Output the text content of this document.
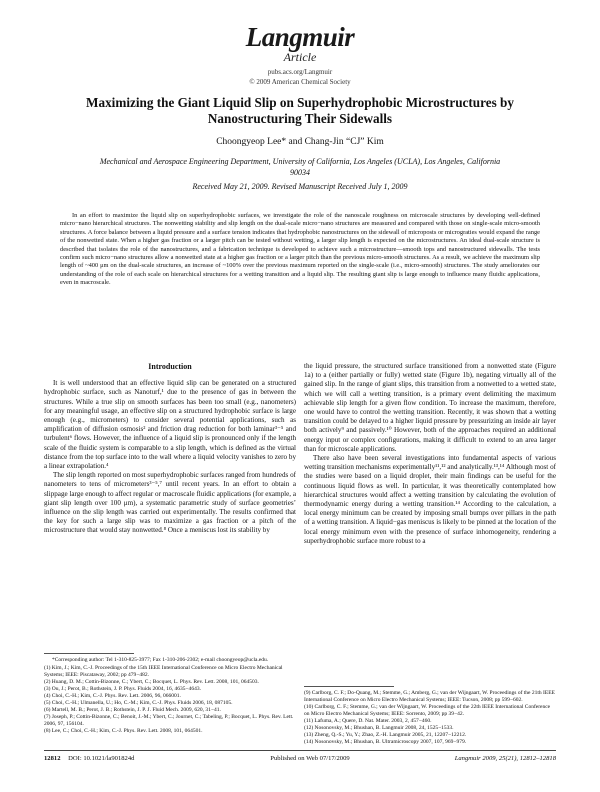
Langmuir
Article
pubs.acs.org/Langmuir
© 2009 American Chemical Society
Maximizing the Giant Liquid Slip on Superhydrophobic Microstructures by Nanostructuring Their Sidewalls
Choongyeop Lee* and Chang-Jin “CJ” Kim
Mechanical and Aerospace Engineering Department, University of California, Los Angeles (UCLA), Los Angeles, California 90034
Received May 21, 2009. Revised Manuscript Received July 1, 2009

In an effort to maximize the liquid slip on superhydrophobic surfaces, we investigate the role of the nanoscale roughness on microscale structures by developing well-defined micro−nano hierarchical structures. The nonwetting stability and slip length on the dual-scale micro−nano structures are measured and compared with those on single-scale micro-smooth structures. A force balance between a liquid pressure and a surface tension indicates that hydrophobic nanostructures on the sidewall of microposts or micrograties would expand the range of the nonwetted state. When a higher gas fraction or a larger pitch can be tested without wetting, a larger slip length is expected on the microstructures. An ideal dual-scale structure is described that isolates the role of the nanostructures, and a fabrication technique is developed to achieve such a microstructure—smooth tops and nanostructured sidewalls. The tests confirm such micro−nano structures allow a nonwetted state at a higher gas fraction or a larger pitch than the previous micro-smooth structures. As a result, we achieve the maximum slip length of ~400 μm on the dual-scale structures, an increase of ~100% over the previous maximum reported on the single-scale (i.e., micro-smooth) structures. The study ameliorates our understanding of the role of each scale on hierarchical structures for a wetting transition and a liquid slip. The resulting giant slip is large enough to influence many fluidic applications, even in macroscale.

Introduction

It is well understood that an effective liquid slip can be generated on a structured hydrophobic surface, such as Nanoturf,¹ due to the presence of gas in between the structures. While a true slip on smooth surfaces has been too small (e.g., nanometers) for any meaningful usage, an effective slip on a structured hydrophobic surface is large enough (e.g., micrometers) to consider several potential applications, such as amplification of diffusion osmosis² and friction drag reduction for both laminar³⁻⁵ and turbulent⁶ flows. However, the influence of a liquid slip is pronounced only if the length scale of the fluidic system is comparable to a slip length, which is defined as the virtual distance from the top surface into to the wall where a liquid velocity vanishes to zero by a linear extrapolation.⁴

The slip length reported on most superhydrophobic surfaces ranged from hundreds of nanometers to tens of micrometers³⁻⁵,⁷ until recent years. In an effort to obtain a slippage large enough to affect regular or macroscale fluidic applications (for example, a giant slip length over 100 μm), a systematic parametric study of surface geometries’ influence on the slip length was carried out experimentally. The results confirmed that the key for such a large slip was to maximize a gas fraction or a pitch of the microstructure that would stay nonwetted.⁸ Once a meniscus lost its stability by

the liquid pressure, the structured surface transitioned from a nonwetted state (Figure 1a) to a (either partially or fully) wetted state (Figure 1b), negating virtually all of the gained slip. In the range of giant slips, this transition from a nonwetted to a wetted state, which we will call a wetting transition, is a primary event delimiting the maximum achievable slip length for a given flow condition. To increase the maximum, therefore, one would have to control the wetting transition. Recently, it was shown that a wetting transition could be delayed to a higher liquid pressure by pressurizing an inside air layer both actively⁹ and passively.¹⁰ However, both of the approaches required an additional energy input or complex configurations, making it difficult to extend to an area larger than for microscale applications.

There also have been several investigations into fundamental aspects of various wetting transition mechanisms experimentally¹¹,¹² and analytically.¹³,¹⁴ Although most of the studies were based on a liquid droplet, their main findings can be useful for the continuous liquid flows as well. In particular, it was theoretically contemplated how hierarchical structures would affect a wetting transition by calculating the evolution of thermodynamic energy during a wetting transition.¹⁴ According to the calculation, a local energy minimum can be created by imposing small bumps over pillars in the path of a wetting transition. A liquid−gas meniscus is likely to be pinned at the location of the local energy minimum even with the presence of surface inhomogeneity, rendering a superhydrophobic surface more robust to a

*Corresponding author: Tel 1-310-825-3977; Fax 1-310-206-2302; e-mail choongyeop@ucla.edu.
(1) Kim, J.; Kim, C.-J. Proceedings of the 15th IEEE International Conference on Micro Electro Mechanical Systems; IEEE: Piscataway, 2002; pp 479−482.
(2) Huang, D. M.; Cottin-Bizonne, C.; Ybert, C.; Bocquet, L. Phys. Rev. Lett. 2008, 101, 064503.
(3) Ou, J.; Perot, B.; Rothstein, J. P. Phys. Fluids 2004, 16, 4635−4643.
(4) Choi, C.-H.; Kim, C.-J. Phys. Rev. Lett. 2006, 96, 066001.
(5) Choi, C.-H.; Ulmanella, U.; Ho, C.-M.; Kim, C.-J. Phys. Fluids 2006, 18, 087105.
(6) Martell, M. B.; Perot, J. B.; Rothstein, J. P. J. Fluid Mech. 2009, 620, 31−41.
(7) Joseph, P.; Cottin-Bizonne, C.; Benoit, J.-M.; Ybert, C.; Journet, C.; Tabeling, P.; Bocquet, L. Phys. Rev. Lett. 2006, 97, 156104.
(8) Lee, C.; Choi, C.-H.; Kim, C.-J. Phys. Rev. Lett. 2008, 101, 064501.
(9) Carlborg, C. F.; Do-Quang, M.; Stemme, G.; Amberg, G.; van der Wijngaart, W. Proceedings of the 21th IEEE International Conference on Micro Electro Mechanical Systems; IEEE: Tucson, 2008; pp 599−602.
(10) Carlborg, C. F.; Stemme, G.; van der Wijngaart, W. Proceedings of the 22th IEEE International Conference on Micro Electro Mechanical Systems; IEEE: Sorrento, 2009; pp 39−42.
(11) Lafuma, A.; Quere, D. Nat. Mater. 2003, 2, 457−460.
(12) Nosonovsky, M.; Bhushan, B. Langmuir 2008, 24, 1525−1533.
(13) Zheng, Q.-S.; Yu, Y.; Zhao, Z.-H. Langmuir 2005, 21, 12207−12212.
(14) Nosonovsky, M.; Bhushan, B. Ultramicroscopy 2007, 107, 969−979.
12812 DOI: 10.1021/la901824d	Published on Web 07/17/2009	Langmuir 2009, 25(21), 12812–12818
